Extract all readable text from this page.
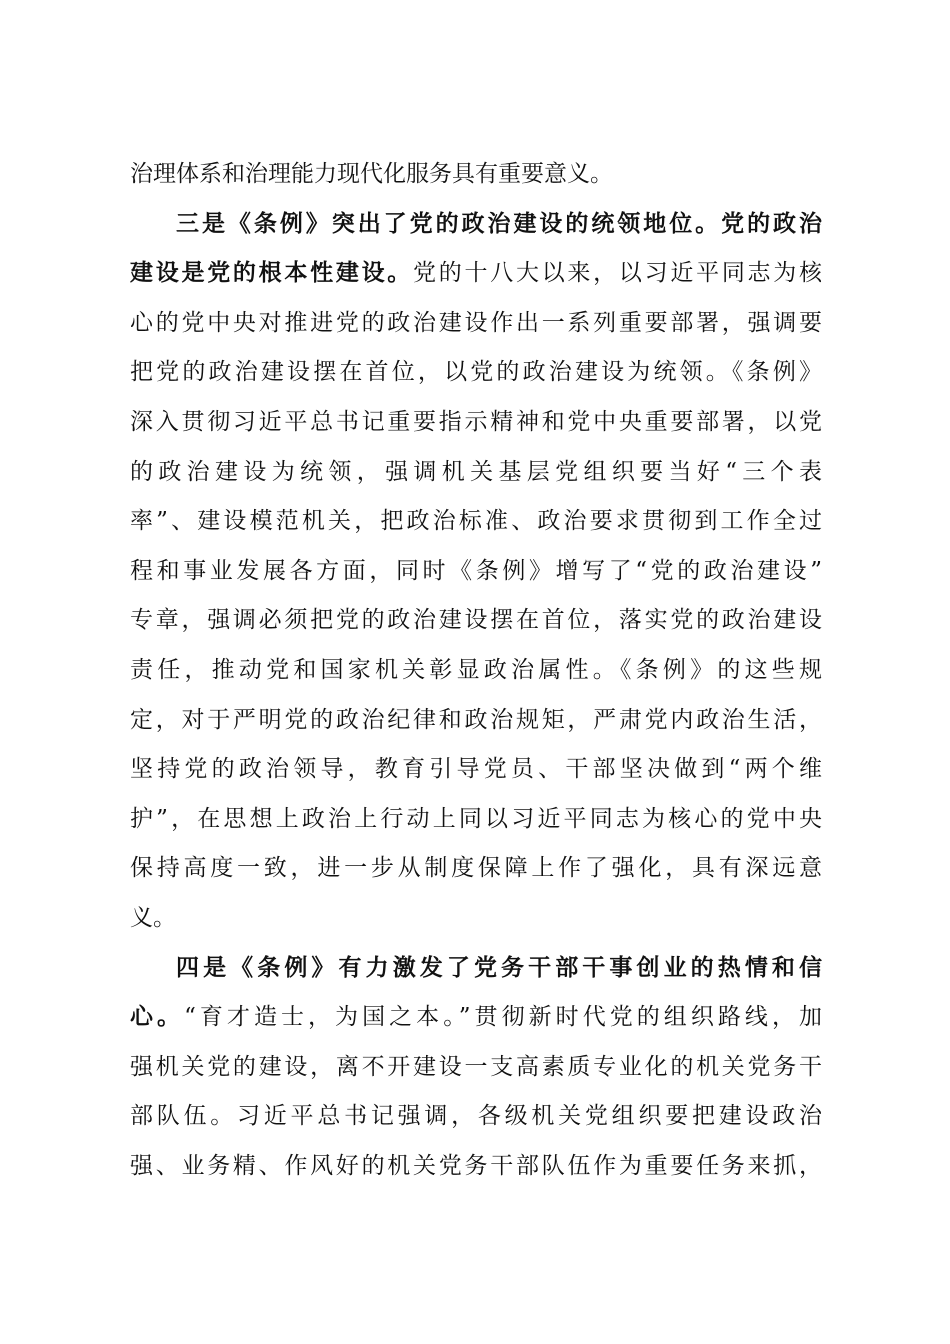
治理体系和治理能力现代化服务具有重要意义。
三是《条例》突出了党的政治建设的统领地位。党的政治
建设是党的根本性建设。党的十八大以来，以习近平同志为核
心的党中央对推进党的政治建设作出一系列重要部署，强调要
把党的政治建设摆在首位，以党的政治建设为统领。《条例》
深入贯彻习近平总书记重要指示精神和党中央重要部署，以党
的政治建设为统领，强调机关基层党组织要当好“三个表
率”、建设模范机关，把政治标准、政治要求贯彻到工作全过
程和事业发展各方面，同时《条例》增写了“党的政治建设”
专章，强调必须把党的政治建设摆在首位，落实党的政治建设
责任，推动党和国家机关彰显政治属性。《条例》的这些规
定，对于严明党的政治纪律和政治规矩，严肃党内政治生活，
坚持党的政治领导，教育引导党员、干部坚决做到“两个维
护”，在思想上政治上行动上同以习近平同志为核心的党中央
保持高度一致，进一步从制度保障上作了强化，具有深远意
义。
四是《条例》有力激发了党务干部干事创业的热情和信
心。“育才造士，为国之本。”贯彻新时代党的组织路线，加
强机关党的建设，离不开建设一支高素质专业化的机关党务干
部队伍。习近平总书记强调，各级机关党组织要把建设政治
强、业务精、作风好的机关党务干部队伍作为重要任务来抓，
